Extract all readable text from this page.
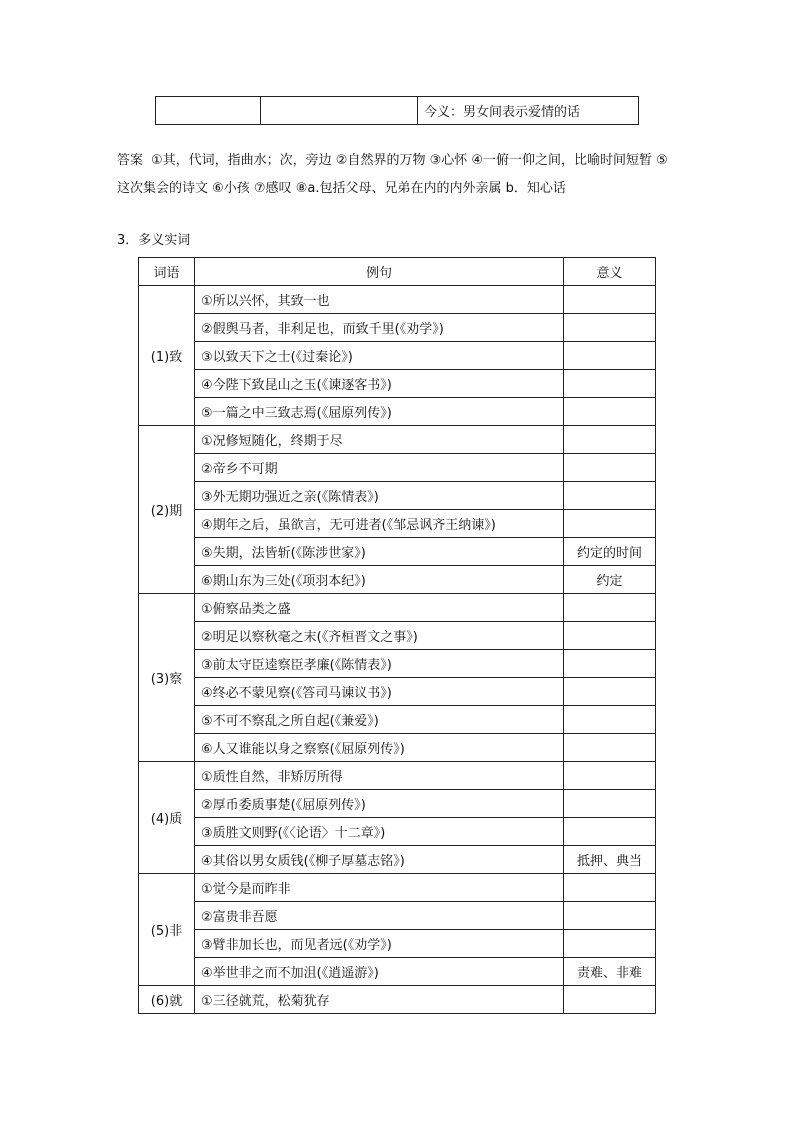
		今义：男女间表示爱情的话

答案 ①其，代词，指曲水；次，旁边 ②自然界的万物 ③心怀 ④一俯一仰之间，比喻时间短暂 ⑤这次集会的诗文 ⑥小孩 ⑦感叹 ⑧a.包括父母、兄弟在内的内外亲属 b．知心话

3．多义实词

词语	例句	意义
(1)致	①所以兴怀，其致一也	
	②假舆马者，非利足也，而致千里(《劝学》)	
	③以致天下之士(《过秦论》)	
	④今陛下致昆山之玉(《谏逐客书》)	
	⑤一篇之中三致志焉(《屈原列传》)	
(2)期	①况修短随化，终期于尽	
	②帝乡不可期	
	③外无期功强近之亲(《陈情表》)	
	④期年之后，虽欲言，无可进者(《邹忌讽齐王纳谏》)	
	⑤失期，法皆斩(《陈涉世家》)	约定的时间
	⑥期山东为三处(《项羽本纪》)	约定
(3)察	①俯察品类之盛	
	②明足以察秋毫之末(《齐桓晋文之事》)	
	③前太守臣逵察臣孝廉(《陈情表》)	
	④终必不蒙见察(《答司马谏议书》)	
	⑤不可不察乱之所自起(《兼爱》)	
	⑥人又谁能以身之察察(《屈原列传》)	
(4)质	①质性自然，非矫厉所得	
	②厚币委质事楚(《屈原列传》)	
	③质胜文则野(《〈论语〉十二章》)	
	④其俗以男女质钱(《柳子厚墓志铭》)	抵押、典当
(5)非	①觉今是而昨非	
	②富贵非吾愿	
	③臂非加长也，而见者远(《劝学》)	
	④举世非之而不加沮(《逍遥游》)	责难、非难
(6)就	①三径就荒，松菊犹存	
